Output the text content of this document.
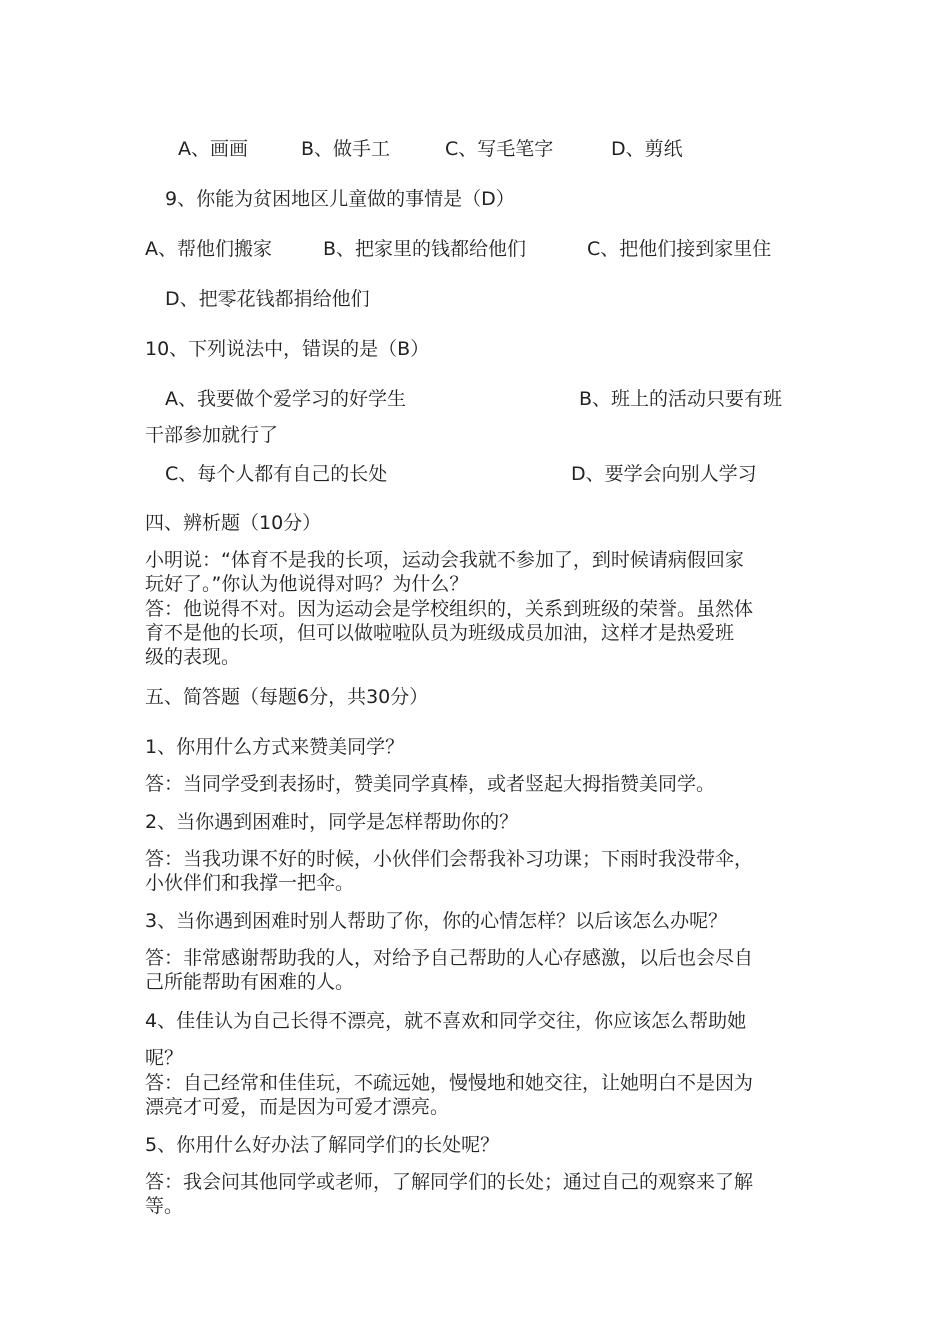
A、画画	B、做手工	C、写毛笔字	D、剪纸
9、你能为贫困地区儿童做的事情是（D）
A、帮他们搬家	B、把家里的钱都给他们	C、把他们接到家里住
D、把零花钱都捐给他们
10、下列说法中，错误的是（B）
A、我要做个爱学习的好学生	B、班上的活动只要有班
干部参加就行了
C、每个人都有自己的长处	D、要学会向别人学习
四、辨析题（10分）
小明说：“体育不是我的长项，运动会我就不参加了，到时候请病假回家
玩好了。”你认为他说得对吗？为什么？
答：他说得不对。因为运动会是学校组织的，关系到班级的荣誉。虽然体
育不是他的长项，但可以做啦啦队员为班级成员加油，这样才是热爱班
级的表现。
五、简答题（每题6分，共30分）
1、你用什么方式来赞美同学？
答：当同学受到表扬时，赞美同学真棒，或者竖起大拇指赞美同学。
2、当你遇到困难时，同学是怎样帮助你的？
答：当我功课不好的时候，小伙伴们会帮我补习功课；下雨时我没带伞，
小伙伴们和我撑一把伞。
3、当你遇到困难时别人帮助了你，你的心情怎样？以后该怎么办呢？
答：非常感谢帮助我的人，对给予自己帮助的人心存感激，以后也会尽自
己所能帮助有困难的人。
4、佳佳认为自己长得不漂亮，就不喜欢和同学交往，你应该怎么帮助她
呢？
答：自己经常和佳佳玩，不疏远她，慢慢地和她交往，让她明白不是因为
漂亮才可爱，而是因为可爱才漂亮。
5、你用什么好办法了解同学们的长处呢？
答：我会问其他同学或老师，了解同学们的长处；通过自己的观察来了解
等。
